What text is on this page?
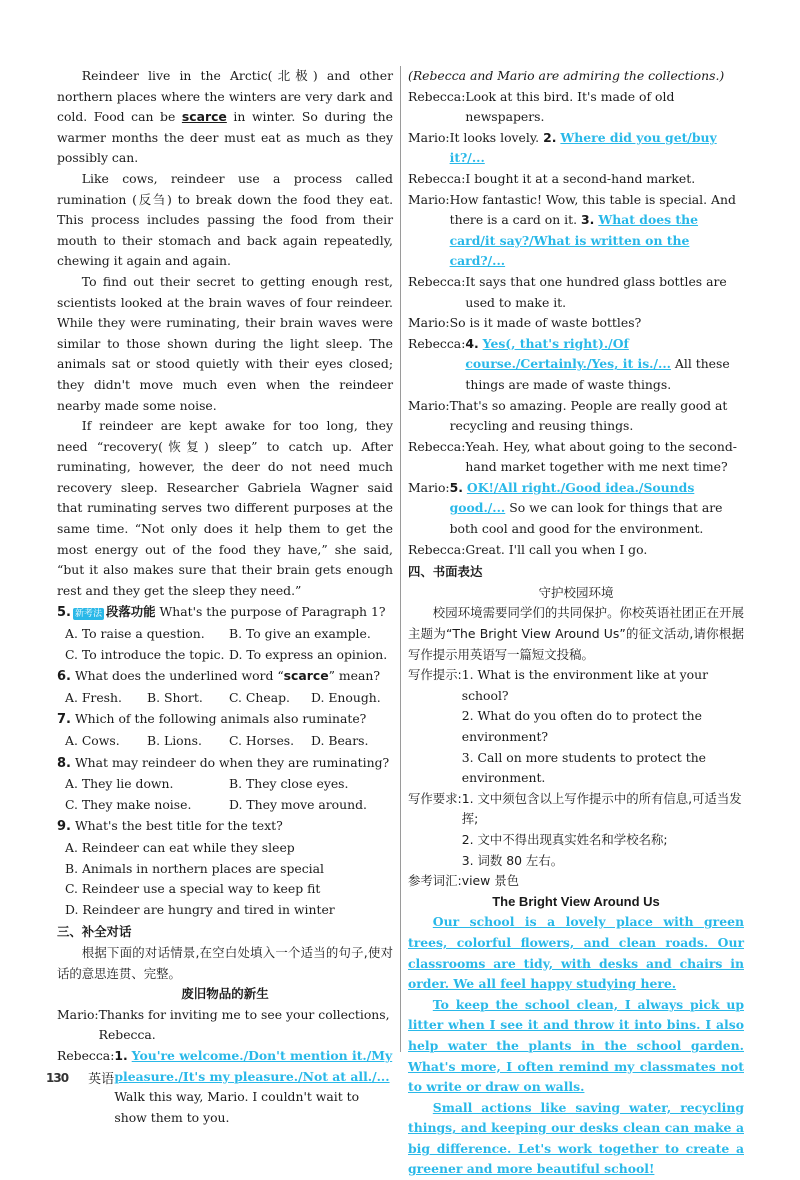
Reindeer live in the Arctic(北极) and other northern places where the winters are very dark and cold. Food can be scarce in winter. So during the warmer months the deer must eat as much as they possibly can.

Like cows, reindeer use a process called rumination (反刍) to break down the food they eat. This process includes passing the food from their mouth to their stomach and back again repeatedly, chewing it again and again.

To find out their secret to getting enough rest, scientists looked at the brain waves of four reindeer. While they were ruminating, their brain waves were similar to those shown during the light sleep. The animals sat or stood quietly with their eyes closed; they didn't move much even when the reindeer nearby made some noise.

If reindeer are kept awake for too long, they need “recovery(恢复) sleep” to catch up. After ruminating, however, the deer do not need much recovery sleep. Researcher Gabriela Wagner said that ruminating serves two different purposes at the same time. “Not only does it help them to get the most energy out of the food they have,” she said, “but it also makes sure that their brain gets enough rest and they get the sleep they need.”

5. 新考法 段落功能 What's the purpose of Paragraph 1?
A. To raise a question.	B. To give an example.
C. To introduce the topic. D. To express an opinion.
6. What does the underlined word “scarce” mean?
A. Fresh.	B. Short.	C. Cheap.	D. Enough.
7. Which of the following animals also ruminate?
A. Cows.	B. Lions.	C. Horses.	D. Bears.
8. What may reindeer do when they are ruminating?
A. They lie down.	B. They close eyes.
C. They make noise.	D. They move around.
9. What's the best title for the text?
A. Reindeer can eat while they sleep
B. Animals in northern places are special
C. Reindeer use a special way to keep fit
D. Reindeer are hungry and tired in winter
三、补全对话

根据下面的对话情景,在空白处填入一个适当的句子,使对话的意思连贯、完整。

废旧物品的新生
Mario: Thanks for inviting me to see your collections, Rebecca.
Rebecca: 1. You're welcome./Don't mention it./My pleasure./It's my pleasure./Not at all./...
Walk this way, Mario. I couldn't wait to show them to you.

(Rebecca and Mario are admiring the collections.)

Rebecca: Look at this bird. It's made of old newspapers.
Mario: It looks lovely. 2. Where did you get/buy it?/...
Rebecca: I bought it at a second-hand market.
Mario: How fantastic! Wow, this table is special. And there is a card on it. 3. What does the card/it say?/What is written on the card?/...
Rebecca: It says that one hundred glass bottles are used to make it.
Mario: So is it made of waste bottles?
Rebecca: 4. Yes(, that's right)./Of course./Certainly./Yes, it is./... All these things are made of waste things.
Mario: That's so amazing. People are really good at recycling and reusing things.
Rebecca: Yeah. Hey, what about going to the second-hand market together with me next time?
Mario: 5. OK!/All right./Good idea./Sounds good./... So we can look for things that are both cool and good for the environment.
Rebecca: Great. I'll call you when I go.
四、书面表达
守护校园环境

校园环境需要同学们的共同保护。你校英语社团正在开展主题为“The Bright View Around Us”的征文活动,请你根据写作提示用英语写一篇短文投稿。

写作提示: 1. What is the environment like at your school?
2. What do you often do to protect the environment?
3. Call on more students to protect the environment.
写作要求: 1. 文中须包含以上写作提示中的所有信息,可适当发挥;
2. 文中不得出现真实姓名和学校名称;
3. 词数 80 左右。
参考词汇:view 景色
The Bright View Around Us

Our school is a lovely place with green trees, colorful flowers, and clean roads. Our classrooms are tidy, with desks and chairs in order. We all feel happy studying here.

To keep the school clean, I always pick up litter when I see it and throw it into bins. I also help water the plants in the school garden. What's more, I often remind my classmates not to write or draw on walls.

Small actions like saving water, recycling things, and keeping our desks clean can make a big difference. Let's work together to create a greener and more beautiful school!

130 英语
